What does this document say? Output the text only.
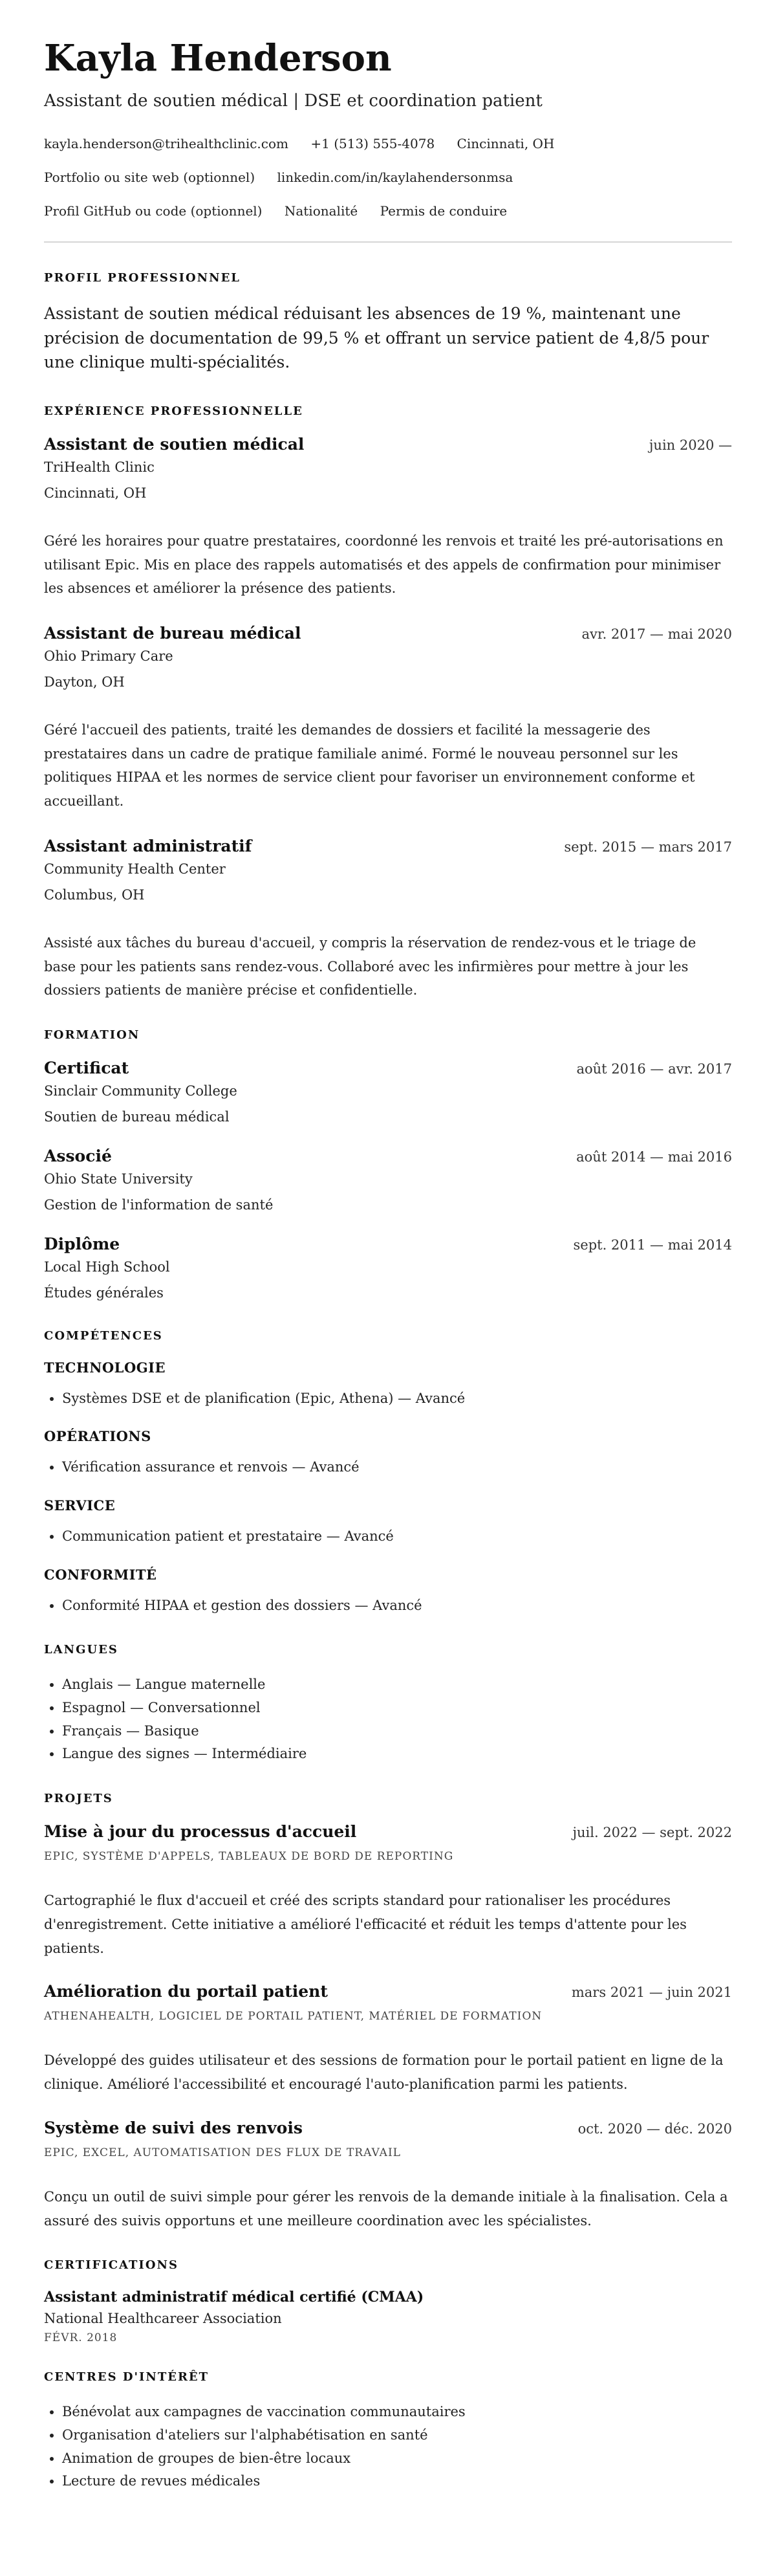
Kayla Henderson
Assistant de soutien médical | DSE et coordination patient
kayla.henderson@trihealthclinic.com +1 (513) 555-4078 Cincinnati, OH
Portfolio ou site web (optionnel) linkedin.com/in/kaylahendersonmsa
Profil GitHub ou code (optionnel) Nationalité Permis de conduire
PROFIL PROFESSIONNEL

Assistant de soutien médical réduisant les absences de 19 %, maintenant une précision de documentation de 99,5 % et offrant un service patient de 4,8/5 pour une clinique multi-spécialités.

EXPÉRIENCE PROFESSIONNELLE
Assistant de soutien médical	juin 2020 —
TriHealth Clinic
Cincinnati, OH
Géré les horaires pour quatre prestataires, coordonné les renvois et traité les pré-autorisations en utilisant Epic. Mis en place des rappels automatisés et des appels de confirmation pour minimiser les absences et améliorer la présence des patients.
Assistant de bureau médical	avr. 2017 — mai 2020
Ohio Primary Care
Dayton, OH
Géré l'accueil des patients, traité les demandes de dossiers et facilité la messagerie des prestataires dans un cadre de pratique familiale animé. Formé le nouveau personnel sur les politiques HIPAA et les normes de service client pour favoriser un environnement conforme et accueillant.
Assistant administratif	sept. 2015 — mars 2017
Community Health Center
Columbus, OH
Assisté aux tâches du bureau d'accueil, y compris la réservation de rendez-vous et le triage de base pour les patients sans rendez-vous. Collaboré avec les infirmières pour mettre à jour les dossiers patients de manière précise et confidentielle.
FORMATION
Certificat	août 2016 — avr. 2017
Sinclair Community College
Soutien de bureau médical
Associé	août 2014 — mai 2016
Ohio State University
Gestion de l'information de santé
Diplôme	sept. 2011 — mai 2014
Local High School
Études générales
COMPÉTENCES
TECHNOLOGIE
• Systèmes DSE et de planification (Epic, Athena) — Avancé
OPÉRATIONS
• Vérification assurance et renvois — Avancé
SERVICE
• Communication patient et prestataire — Avancé
CONFORMITÉ
• Conformité HIPAA et gestion des dossiers — Avancé
LANGUES
• Anglais — Langue maternelle
• Espagnol — Conversationnel
• Français — Basique
• Langue des signes — Intermédiaire
PROJETS
Mise à jour du processus d'accueil	juil. 2022 — sept. 2022
EPIC, SYSTÈME D'APPELS, TABLEAUX DE BORD DE REPORTING
Cartographié le flux d'accueil et créé des scripts standard pour rationaliser les procédures d'enregistrement. Cette initiative a amélioré l'efficacité et réduit les temps d'attente pour les patients.
Amélioration du portail patient	mars 2021 — juin 2021
ATHENAHEALTH, LOGICIEL DE PORTAIL PATIENT, MATÉRIEL DE FORMATION
Développé des guides utilisateur et des sessions de formation pour le portail patient en ligne de la clinique. Amélioré l'accessibilité et encouragé l'auto-planification parmi les patients.
Système de suivi des renvois	oct. 2020 — déc. 2020
EPIC, EXCEL, AUTOMATISATION DES FLUX DE TRAVAIL
Conçu un outil de suivi simple pour gérer les renvois de la demande initiale à la finalisation. Cela a assuré des suivis opportuns et une meilleure coordination avec les spécialistes.
CERTIFICATIONS
Assistant administratif médical certifié (CMAA)
National Healthcareer Association
FÉVR. 2018
CENTRES D'INTÉRÊT
• Bénévolat aux campagnes de vaccination communautaires
• Organisation d'ateliers sur l'alphabétisation en santé
• Animation de groupes de bien-être locaux
• Lecture de revues médicales
